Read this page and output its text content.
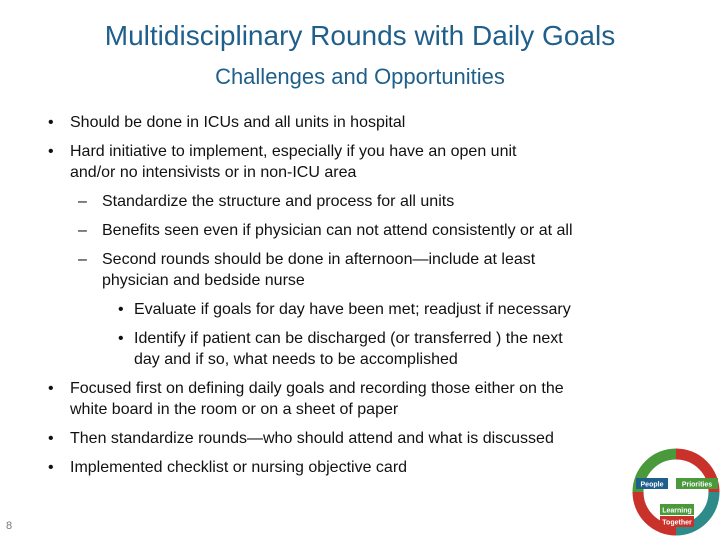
Multidisciplinary Rounds with Daily Goals
Challenges and Opportunities
• Should be done in ICUs and all units in hospital
• Hard initiative to implement, especially if you have an open unit
and/or no intensivists or in non-ICU area
– Standardize the structure and process for all units
– Benefits seen even if physician can not attend consistently or at all
– Second rounds should be done in afternoon—include at least
physician and bedside nurse
• Evaluate if goals for day have been met; readjust if necessary
• Identify if patient can be discharged (or transferred ) the next
day and if so, what needs to be accomplished
• Focused first on defining daily goals and recording those either on the
white board in the room or on a sheet of paper
• Then standardize rounds—who should attend and what is discussed
• Implemented checklist or nursing objective card
8
People	Priorities
Learning
Together
